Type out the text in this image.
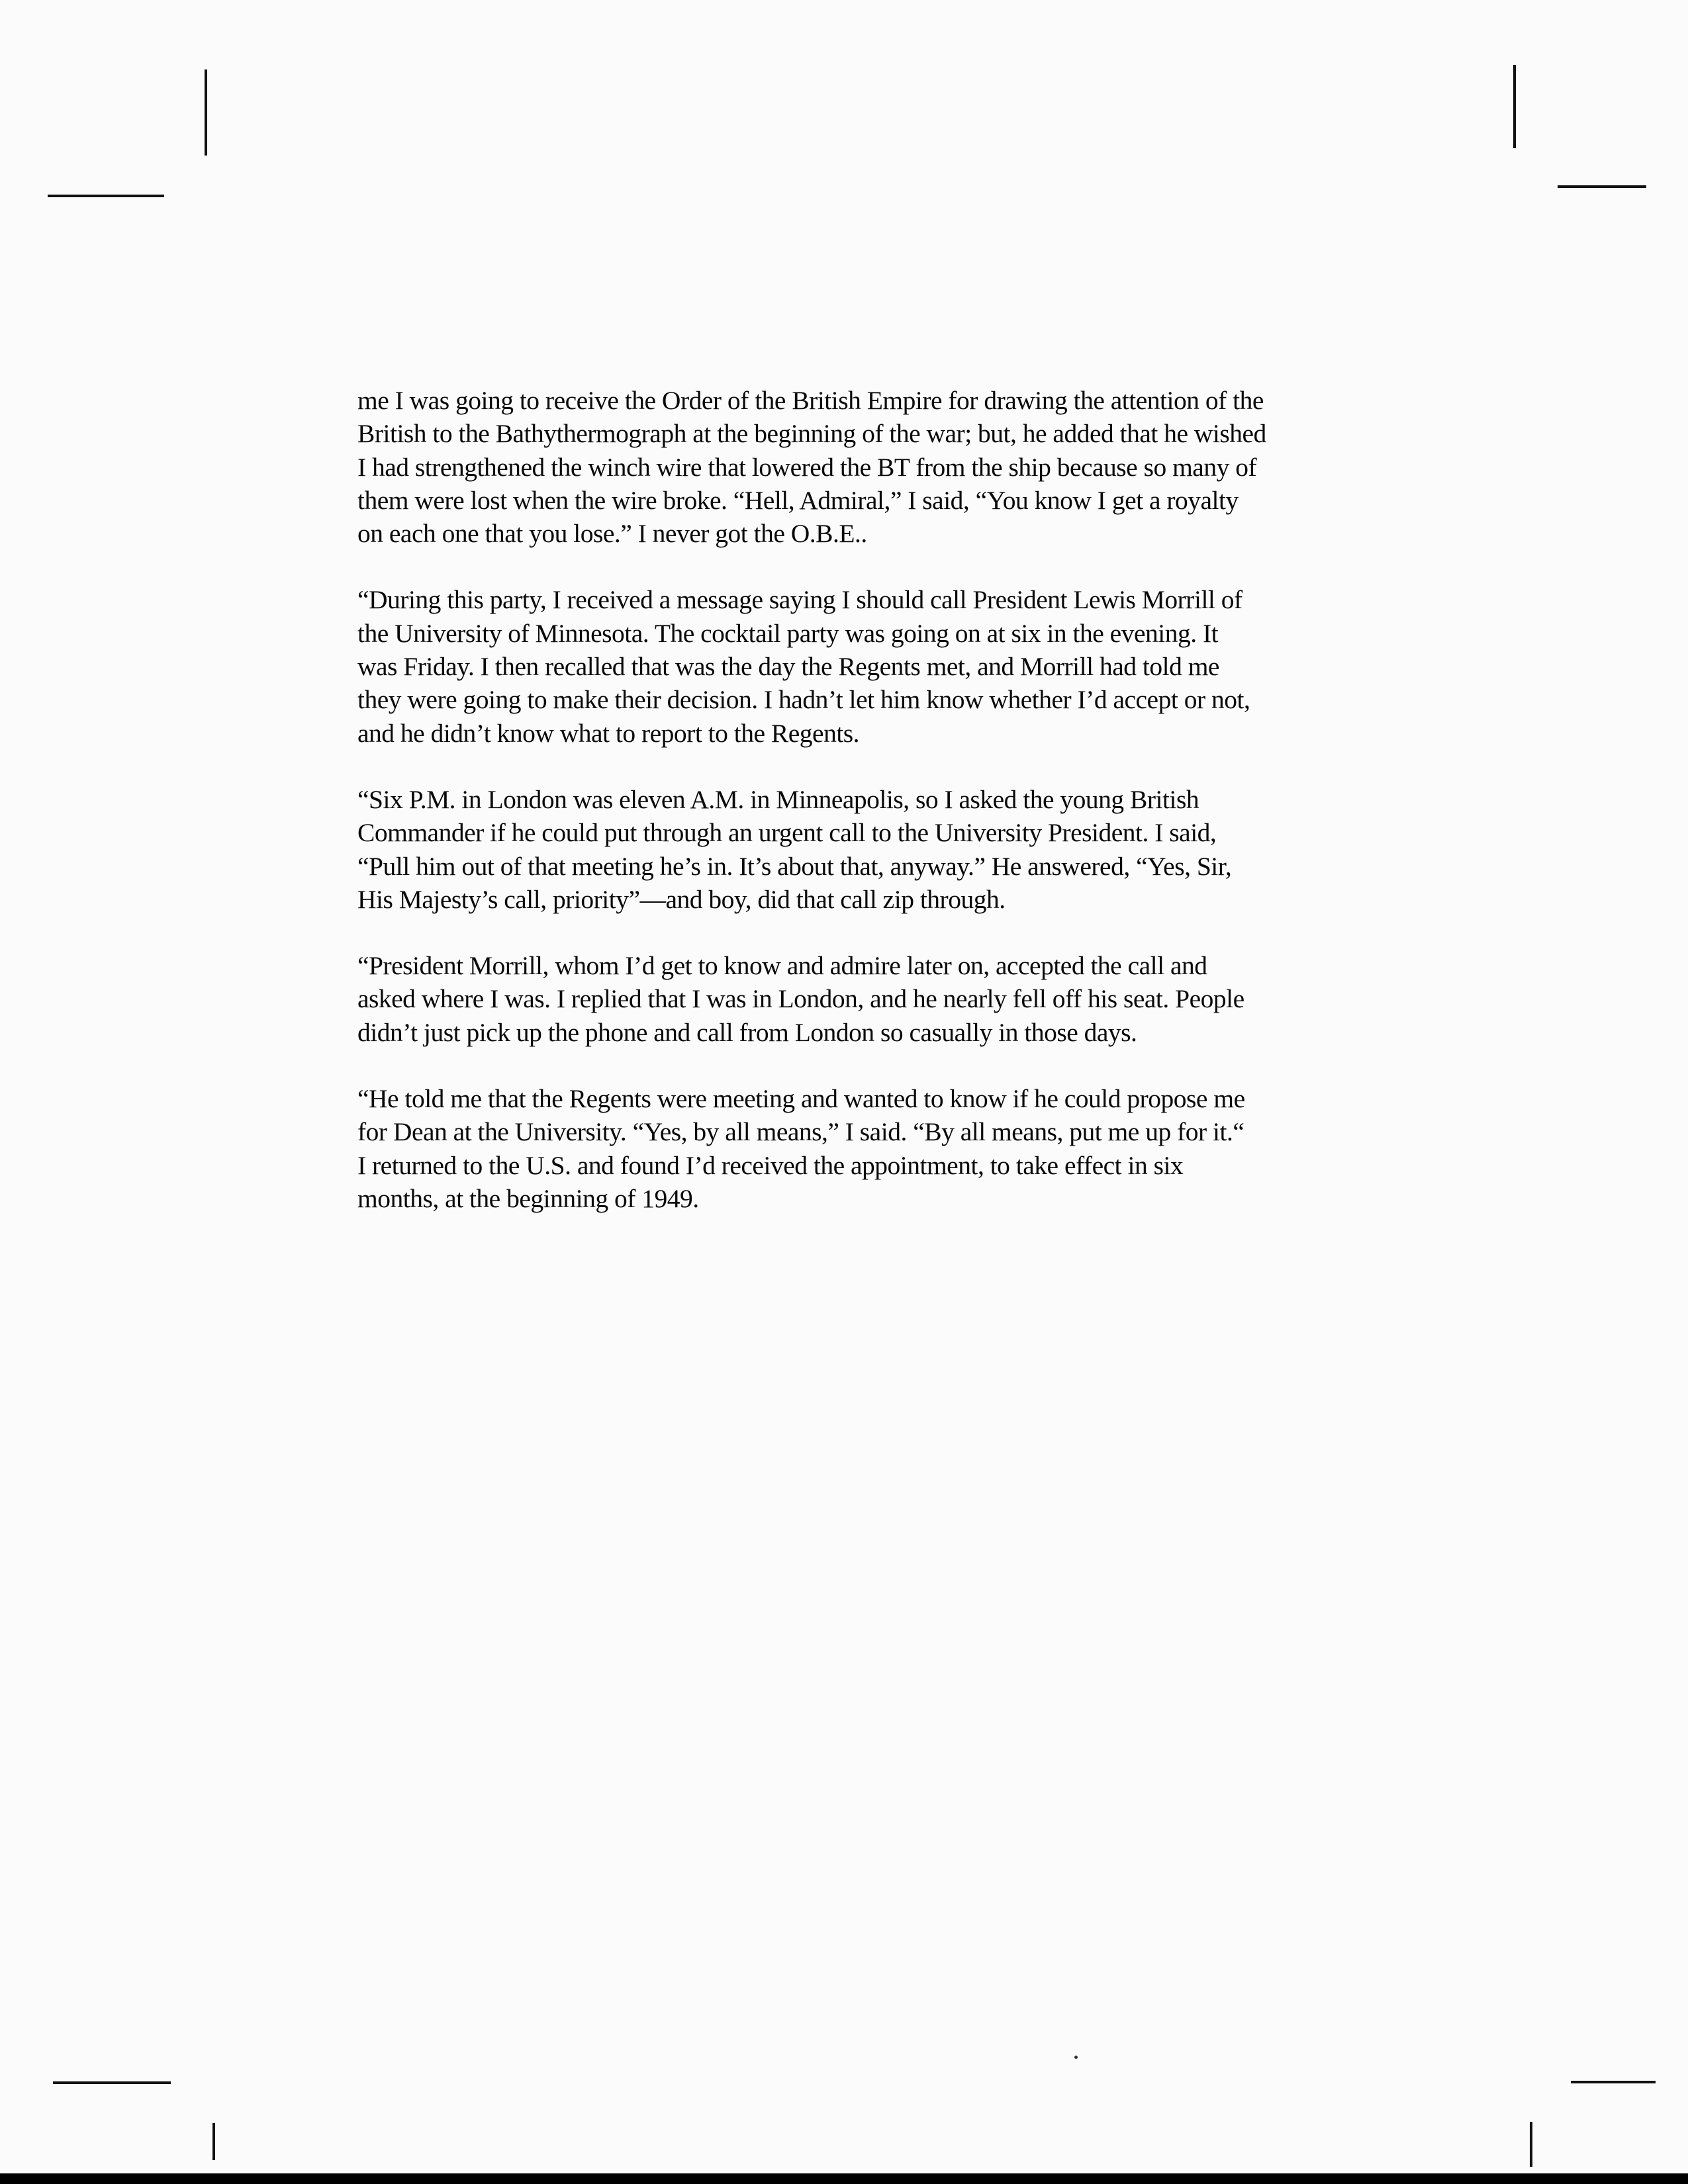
me I was going to receive the Order of the British Empire for drawing the attention of the
British to the Bathythermograph at the beginning of the war; but, he added that he wished
I had strengthened the winch wire that lowered the BT from the ship because so many of
them were lost when the wire broke. “Hell, Admiral,” I said, “You know I get a royalty
on each one that you lose.” I never got the O.B.E..
“During this party, I received a message saying I should call President Lewis Morrill of
the University of Minnesota. The cocktail party was going on at six in the evening. It
was Friday. I then recalled that was the day the Regents met, and Morrill had told me
they were going to make their decision. I hadn’t let him know whether I’d accept or not,
and he didn’t know what to report to the Regents.
“Six P.M. in London was eleven A.M. in Minneapolis, so I asked the young British
Commander if he could put through an urgent call to the University President. I said,
“Pull him out of that meeting he’s in. It’s about that, anyway.” He answered, “Yes, Sir,
His Majesty’s call, priority”—and boy, did that call zip through.
“President Morrill, whom I’d get to know and admire later on, accepted the call and
asked where I was. I replied that I was in London, and he nearly fell off his seat. People
didn’t just pick up the phone and call from London so casually in those days.
“He told me that the Regents were meeting and wanted to know if he could propose me
for Dean at the University. “Yes, by all means,” I said. “By all means, put me up for it.“
I returned to the U.S. and found I’d received the appointment, to take effect in six
months, at the beginning of 1949.
